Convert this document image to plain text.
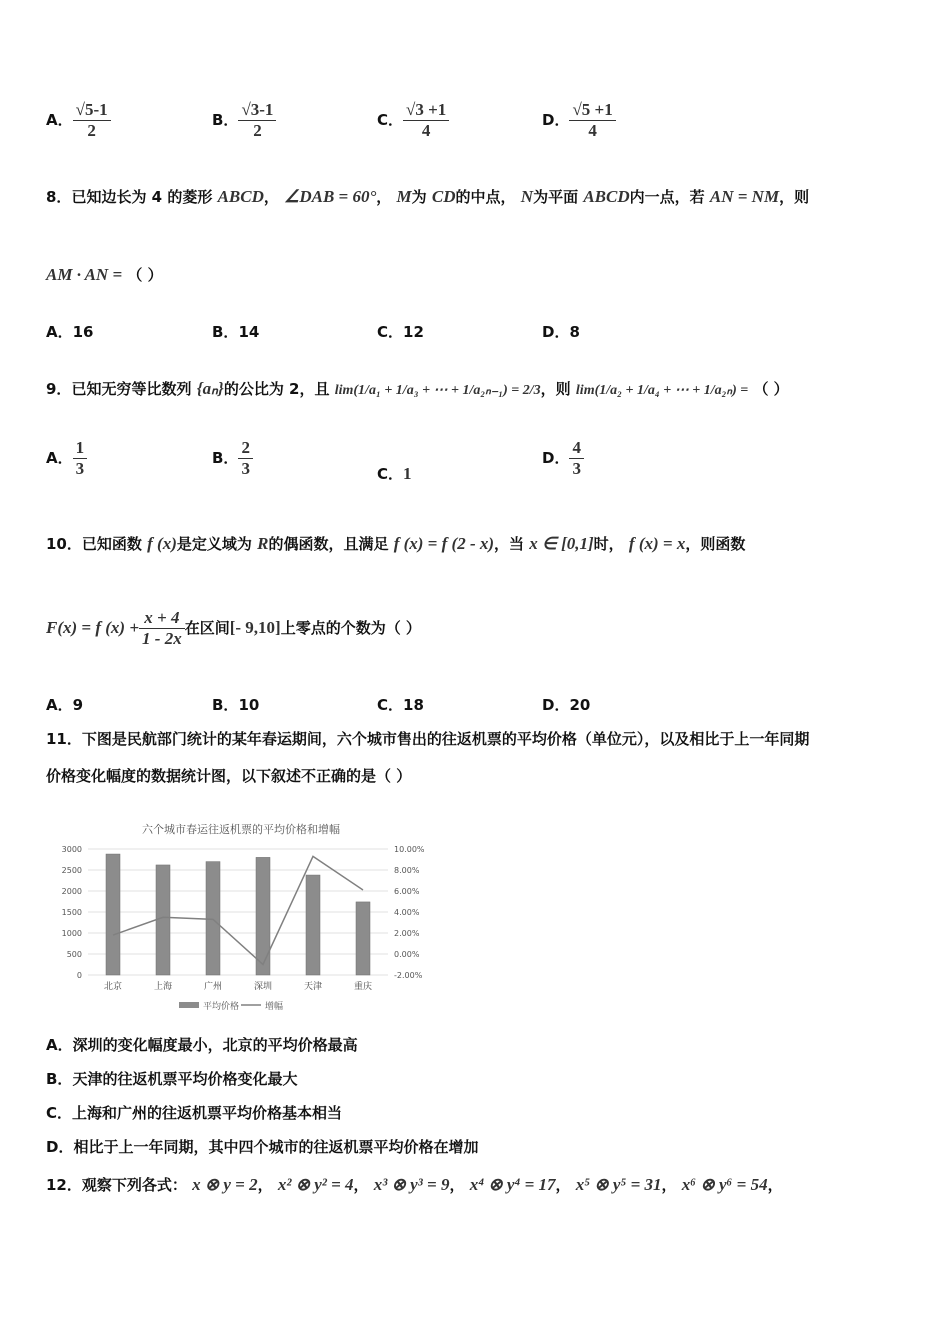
A． $\frac{√5-1}{2}$	B． $\frac{√3-1}{2}$	C． $\frac{√3 +1}{4}$	D． $\frac{√5 +1}{4}$
8．已知边长为 4 的菱形 ABCD， ∠DAB = 60°， M为 CD的中点， N为平面 ABCD内一点，若 AN = NM，则
AM · AN = （ ）
A．16	B．14	C．12	D．8
9．已知无穷等比数列 {aₙ}的公比为 2，且 lim(1/a₁ + 1/a₃ + ⋯ + 1/a₂ₙ₋₁) = 2/3，则 lim(1/a₂ + 1/a₄ + ⋯ + 1/a₂ₙ) = （ ）
A． $\frac{1}{3}$	B． $\frac{2}{3}$	C．1
D． $\frac{4}{3}$
10．已知函数 f (x)是定义域为 R的偶函数，且满足 f (x) = f (2 - x)，当 x ∈ [0,1]时， f (x) = x，则函数
F(x) = f $(x) + \frac{x + 4}{1 - 2x}$ 在区间[- 9,10]上零点的个数为（ ）
A．9	B．10	C．18	D．20
11．下图是民航部门统计的某年春运期间，六个城市售出的往返机票的平均价格（单位元），以及相比于上一年同期
价格变化幅度的数据统计图，以下叙述不正确的是（ ）
六个城市春运往返机票的平均价格和增幅
0
500
1000
1500
2000
2500
3000
-2.00%
0.00%
2.00%
4.00%
6.00%
8.00%
10.00%
北京	上海	广州	深圳	天津	重庆
平均价格	增幅
A．深圳的变化幅度最小，北京的平均价格最高
B．天津的往返机票平均价格变化最大
C．上海和广州的往返机票平均价格基本相当
D．相比于上一年同期，其中四个城市的往返机票平均价格在增加
12．观察下列各式： x ⊗ y = 2， x² ⊗ y² = 4， x³ ⊗ y³ = 9， x⁴ ⊗ y⁴ = 17， x⁵ ⊗ y⁵ = 31， x⁶ ⊗ y⁶ = 54，
